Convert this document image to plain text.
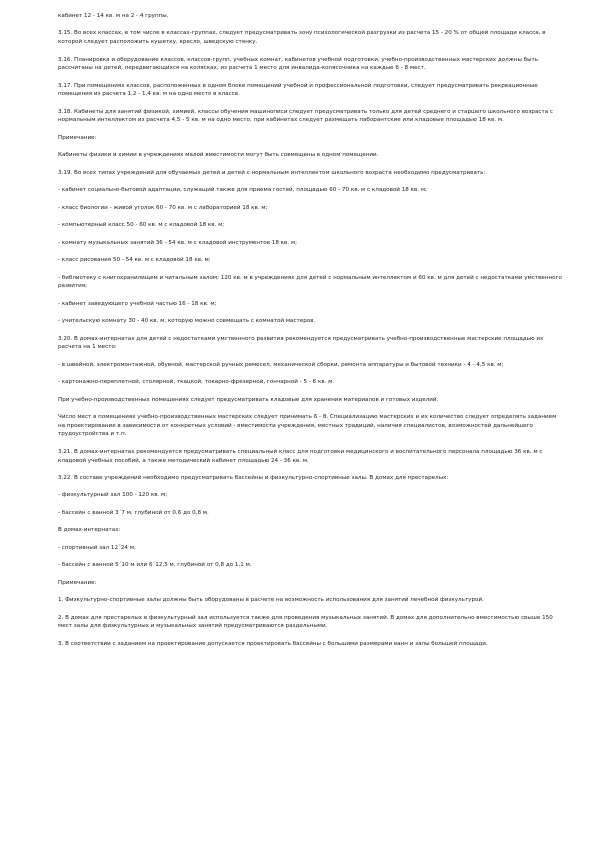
кабинет 12 - 14 кв. м на 2 - 4 группы.

3.15. Во всех классах, в том числе в классах-группах, следует предусматривать зону психологической разгрузки из расчета 15 - 20 % от общей площади класса, в которой следует расположить кушетку, кресло, шведскую стенку.

3.16. Планировка и оборудование классов, классов-групп, учебных комнат, кабинетов учебной подготовки, учебно-производственных мастерских должны быть рассчитаны на детей, передвигающихся на колясках, из расчета 1 место для инвалида-колясочника на каждые 6 - 8 мест.

3.17. При помещениях классов, расположенных в одном блоке помещений учебной и профессиональной подготовки, следует предусматривать рекреационные помещения из расчета 1,2 - 1,4 кв. м на одно место в классе.

3.18. Кабинеты для занятий физикой, химией, классы обучения машинописи следует предусматривать только для детей среднего и старшего школьного возраста с нормальным интеллектом из расчета 4,5 - 5 кв. м на одно место; при кабинетах следует размещать лаборантские или кладовые площадью 18 кв. м.

Примечание:

Кабинеты физики и химии в учреждениях малой вместимости могут быть совмещены в одном помещении.

3.19. Во всех типах учреждений для обучаемых детей и детей с нормальным интеллектом школьного возраста необходимо предусматривать:

- кабинет социально-бытовой адаптации, служащий также для приема гостей, площадью 60 - 70 кв. м с кладовой 18 кв. м;

- класс биологии - живой уголок 60 - 70 кв. м с лабораторией 18 кв. м;

- компьютерный класс 50 - 60 кв. м с кладовой 18 кв. м;

- комнату музыкальных занятий 36 - 54 кв. м с кладовой инструментов 18 кв. м;

- класс рисования 50 - 54 кв. м с кладовой 18 кв. м;

- библиотеку с книгохранилищем и читальным залом; 120 кв. м в учреждениях для детей с нормальным интеллектом и 60 кв. м для детей с недостатками умственного развития;

- кабинет заведующего учебной частью 16 - 18 кв. м;

- учительскую комнату 30 - 40 кв. м, которую можно совмещать с комнатой мастеров.

3.20. В домах-интернатах для детей с недостатками умственного развития рекомендуется предусматривать учебно-производственные мастерские площадью из расчета на 1 место:

- в швейной, электромонтажной, обувной, мастерской ручных ремесел, механической сборки, ремонта аппаратуры и бытовой техники - 4 - 4,5 кв. м;

- картонажно-переплетной, столярной, ткацкой, токарно-фрезерной, гончарной - 5 - 6 кв. м.

При учебно-производственных помещениях следует предусматривать кладовые для хранения материалов и готовых изделий.

Число мест в помещениях учебно-производственных мастерских следует принимать 6 - 8. Специализацию мастерских и их количество следует определять заданием на проектирование в зависимости от конкретных условий - вместимости учреждения, местных традиций, наличия специалистов, возможностей дальнейшего трудоустройства и т.п.

3.21. В домах-интернатах рекомендуется предусматривать специальный класс для подготовки медицинского и воспитательного персонала площадью 36 кв. м с кладовой учебных пособий, а также методический кабинет площадью 24 - 36 кв. м.

3.22. В составе учреждений необходимо предусматривать бассейны и физкультурно-спортивные залы. В домах для престарелых:

- физкультурный зал 100 - 120 кв. м;

- бассейн с ванной 3´7 м, глубиной от 0,6 до 0,8 м.

В домах-интернатах:

- спортивный зал 12´24 м;

- бассейн с ванной 5´10 м или 6´12,5 м, глубиной от 0,8 до 1,1 м.

Примечание:

1. Физкультурно-спортивные залы должны быть оборудованы в расчете на возможность использования для занятий лечебной физкультурой.

2. В домах для престарелых в физкультурный зал используется также для проведения музыкальных занятий. В домах для дополнительно вместимостью свыше 150 мест залы для физкультурных и музыкальных занятий предусматриваются раздельными.

3. В соответствии с заданием на проектирование допускается проектировать бассейны с большими размерами ванн и залы большей площади.
